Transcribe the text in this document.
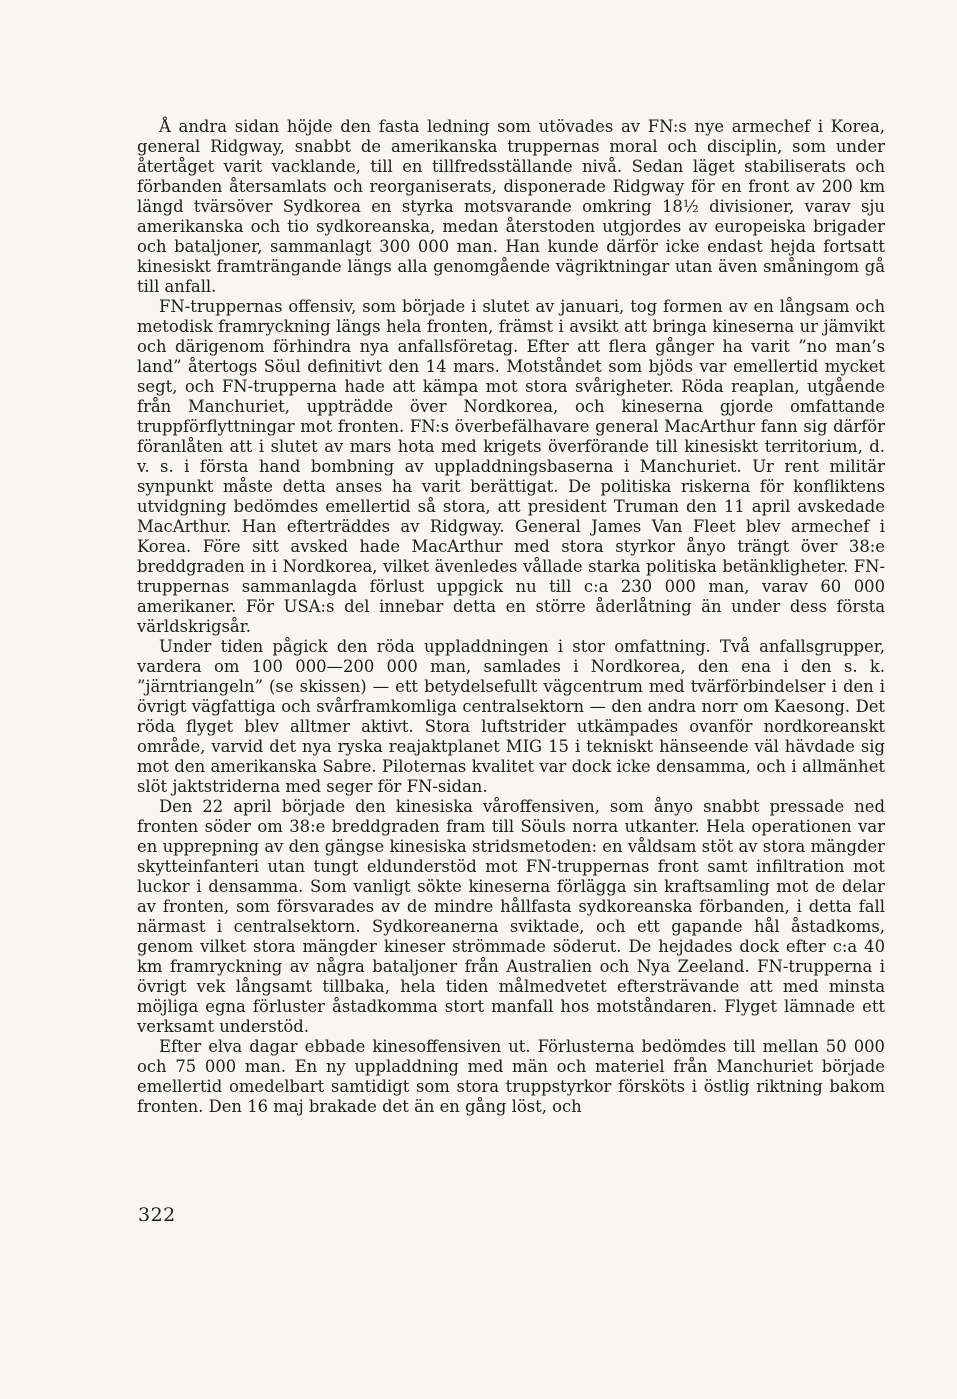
Å andra sidan höjde den fasta ledning som utövades av FN:s nye armechef i Korea, general Ridgway, snabbt de amerikanska truppernas moral och disciplin, som under återtåget varit vacklande, till en tillfredsställande nivå. Sedan läget stabiliserats och förbanden återsamlats och reorganiserats, disponerade Ridgway för en front av 200 km längd tvärsöver Sydkorea en styrka motsvarande omkring 18½ divisioner, varav sju amerikanska och tio sydkoreanska, medan återstoden utgjordes av europeiska brigader och bataljoner, sammanlagt 300 000 man. Han kunde därför icke endast hejda fortsatt kinesiskt framträngande längs alla genomgående vägriktningar utan även småningom gå till anfall.

FN-truppernas offensiv, som började i slutet av januari, tog formen av en långsam och metodisk framryckning längs hela fronten, främst i avsikt att bringa kineserna ur jämvikt och därigenom förhindra nya anfallsföretag. Efter att flera gånger ha varit ”no man’s land” återtogs Söul definitivt den 14 mars. Motståndet som bjöds var emellertid mycket segt, och FN-trupperna hade att kämpa mot stora svårigheter. Röda reaplan, utgående från Manchuriet, uppträdde över Nordkorea, och kineserna gjorde omfattande truppförflyttningar mot fronten. FN:s överbefälhavare general MacArthur fann sig därför föranlåten att i slutet av mars hota med krigets överförande till kinesiskt territorium, d. v. s. i första hand bombning av uppladdningsbaserna i Manchuriet. Ur rent militär synpunkt måste detta anses ha varit berättigat. De politiska riskerna för konfliktens utvidgning bedömdes emellertid så stora, att president Truman den 11 april avskedade MacArthur. Han efterträddes av Ridgway. General James Van Fleet blev armechef i Korea. Före sitt avsked hade MacArthur med stora styrkor ånyo trängt över 38:e breddgraden in i Nordkorea, vilket ävenledes vållade starka politiska betänkligheter. FN-truppernas sammanlagda förlust uppgick nu till c:a 230 000 man, varav 60 000 amerikaner. För USA:s del innebar detta en större åderlåtning än under dess första världskrigsår.

Under tiden pågick den röda uppladdningen i stor omfattning. Två anfallsgrupper, vardera om 100 000—200 000 man, samlades i Nordkorea, den ena i den s. k. ”järntriangeln” (se skissen) — ett betydelsefullt vägcentrum med tvärförbindelser i den i övrigt vägfattiga och svårframkomliga centralsektorn — den andra norr om Kaesong. Det röda flyget blev alltmer aktivt. Stora luftstrider utkämpades ovanför nordkoreanskt område, varvid det nya ryska reajaktplanet MIG 15 i tekniskt hänseende väl hävdade sig mot den amerikanska Sabre. Piloternas kvalitet var dock icke densamma, och i allmänhet slöt jaktstriderna med seger för FN-sidan.

Den 22 april började den kinesiska våroffensiven, som ånyo snabbt pressade ned fronten söder om 38:e breddgraden fram till Söuls norra utkanter. Hela operationen var en upprepning av den gängse kinesiska stridsmetoden: en våldsam stöt av stora mängder skytteinfanteri utan tungt eldunderstöd mot FN-truppernas front samt infiltration mot luckor i densamma. Som vanligt sökte kineserna förlägga sin kraftsamling mot de delar av fronten, som försvarades av de mindre hållfasta sydkoreanska förbanden, i detta fall närmast i centralsektorn. Sydkoreanerna sviktade, och ett gapande hål åstadkoms, genom vilket stora mängder kineser strömmade söderut. De hejdades dock efter c:a 40 km framryckning av några bataljoner från Australien och Nya Zeeland. FN-trupperna i övrigt vek långsamt tillbaka, hela tiden målmedvetet eftersträvande att med minsta möjliga egna förluster åstadkomma stort manfall hos motståndaren. Flyget lämnade ett verksamt understöd.

Efter elva dagar ebbade kinesoffensiven ut. Förlusterna bedömdes till mellan 50 000 och 75 000 man. En ny uppladdning med män och materiel från Manchuriet började emellertid omedelbart samtidigt som stora truppstyrkor försköts i östlig riktning bakom fronten. Den 16 maj brakade det än en gång löst, och

322
